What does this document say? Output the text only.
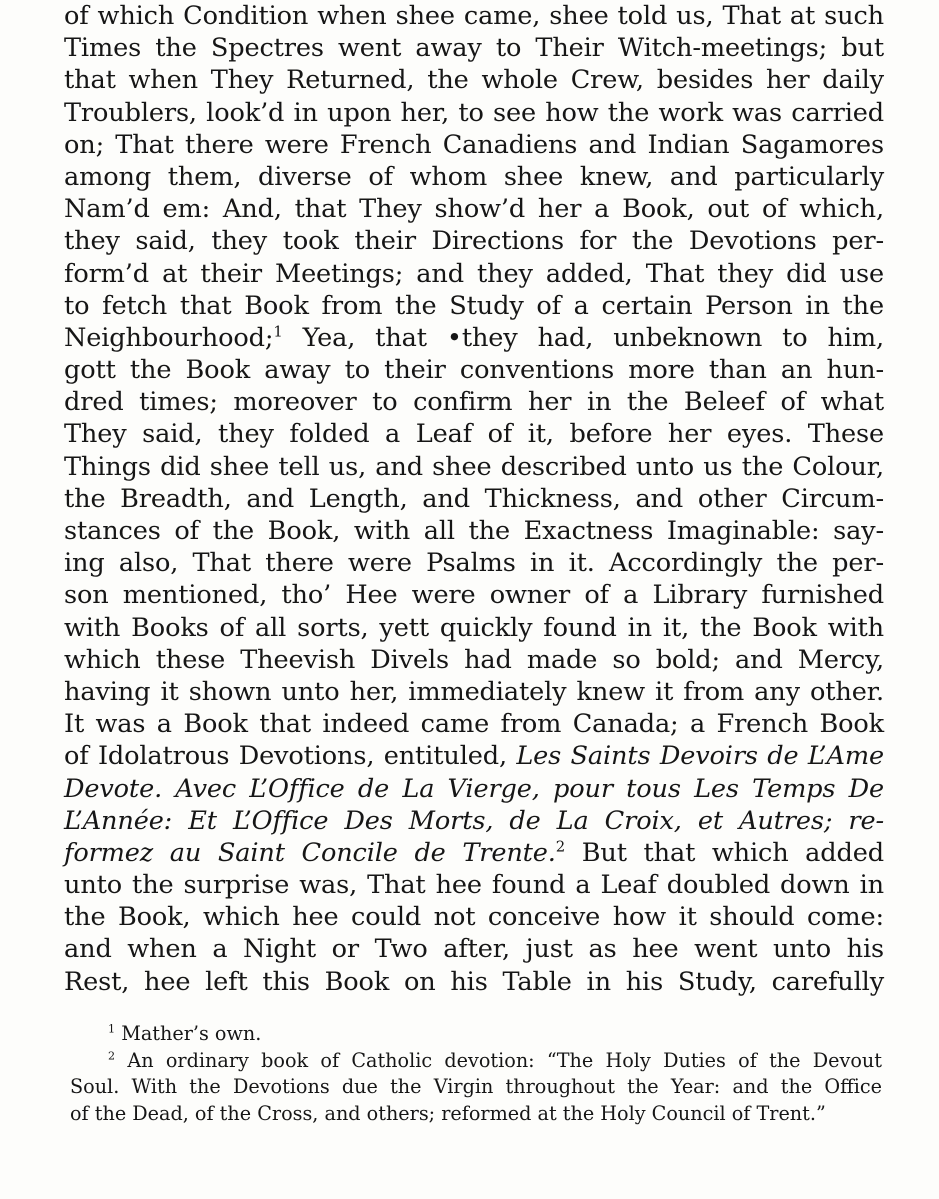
of which Condition when shee came, shee told us, That at such
Times the Spectres went away to Their Witch-meetings; but
that when They Returned, the whole Crew, besides her daily
Troublers, look’d in upon her, to see how the work was carried
on; That there were French Canadiens and Indian Sagamores
among them, diverse of whom shee knew, and particularly
Nam’d em: And, that They show’d her a Book, out of which,
they said, they took their Directions for the Devotions per-
form’d at their Meetings; and they added, That they did use
to fetch that Book from the Study of a certain Person in the
Neighbourhood;$^1$ Yea, that •they had, unbeknown to him,
gott the Book away to their conventions more than an hun-
dred times; moreover to confirm her in the Beleef of what
They said, they folded a Leaf of it, before her eyes. These
Things did shee tell us, and shee described unto us the Colour,
the Breadth, and Length, and Thickness, and other Circum-
stances of the Book, with all the Exactness Imaginable: say-
ing also, That there were Psalms in it. Accordingly the per-
son mentioned, tho’ Hee were owner of a Library furnished
with Books of all sorts, yett quickly found in it, the Book with
which these Theevish Divels had made so bold; and Mercy,
having it shown unto her, immediately knew it from any other.
It was a Book that indeed came from Canada; a French Book
of Idolatrous Devotions, entituled, Les Saints Devoirs de L’Ame
Devote. Avec L’Office de La Vierge, pour tous Les Temps De
L’Année: Et L’Office Des Morts, de La Croix, et Autres; re-
formez au Saint Concile de Trente.$^2$ But that which added
unto the surprise was, That hee found a Leaf doubled down in
the Book, which hee could not conceive how it should come:
and when a Night or Two after, just as hee went unto his
Rest, hee left this Book on his Table in his Study, carefully
$^1$ Mather’s own.
$^2$ An ordinary book of Catholic devotion: “The Holy Duties of the Devout
Soul. With the Devotions due the Virgin throughout the Year: and the Office
of the Dead, of the Cross, and others; reformed at the Holy Council of Trent.”
